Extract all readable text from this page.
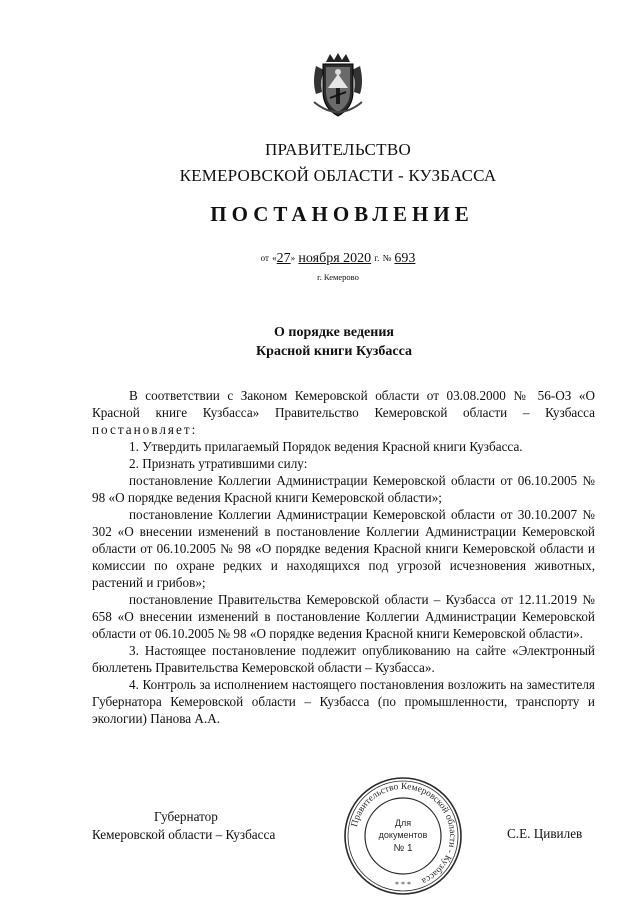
ПРАВИТЕЛЬСТВО
КЕМЕРОВСКОЙ ОБЛАСТИ - КУЗБАССА
ПОСТАНОВЛЕНИЕ
от «27» ноября 2020 г. № 693
г. Кемерово
О порядке ведения
Красной книги Кузбасса

В соответствии с Законом Кемеровской области от 03.08.2000 № 56-ОЗ «О Красной книге Кузбасса» Правительство Кемеровской области – Кузбасса постановляет:

1. Утвердить прилагаемый Порядок ведения Красной книги Кузбасса.

2. Признать утратившими силу:

постановление Коллегии Администрации Кемеровской области от 06.10.2005 № 98 «О порядке ведения Красной книги Кемеровской области»;

постановление Коллегии Администрации Кемеровской области от 30.10.2007 № 302 «О внесении изменений в постановление Коллегии Администрации Кемеровской области от 06.10.2005 № 98 «О порядке ведения Красной книги Кемеровской области и комиссии по охране редких и находящихся под угрозой исчезновения животных, растений и грибов»;

постановление Правительства Кемеровской области – Кузбасса от 12.11.2019 № 658 «О внесении изменений в постановление Коллегии Администрации Кемеровской области от 06.10.2005 № 98 «О порядке ведения Красной книги Кемеровской области».

3. Настоящее постановление подлежит опубликованию на сайте «Электронный бюллетень Правительства Кемеровской области – Кузбасса».

4. Контроль за исполнением настоящего постановления возложить на заместителя Губернатора Кемеровской области – Кузбасса (по промышленности, транспорту и экологии) Панова А.А.

Губернатор
Кемеровской области – Кузбасса	С.Е. Цивилев
Правительство Кемеровской области - Кузбасса
* * *
Для
документов
№ 1
